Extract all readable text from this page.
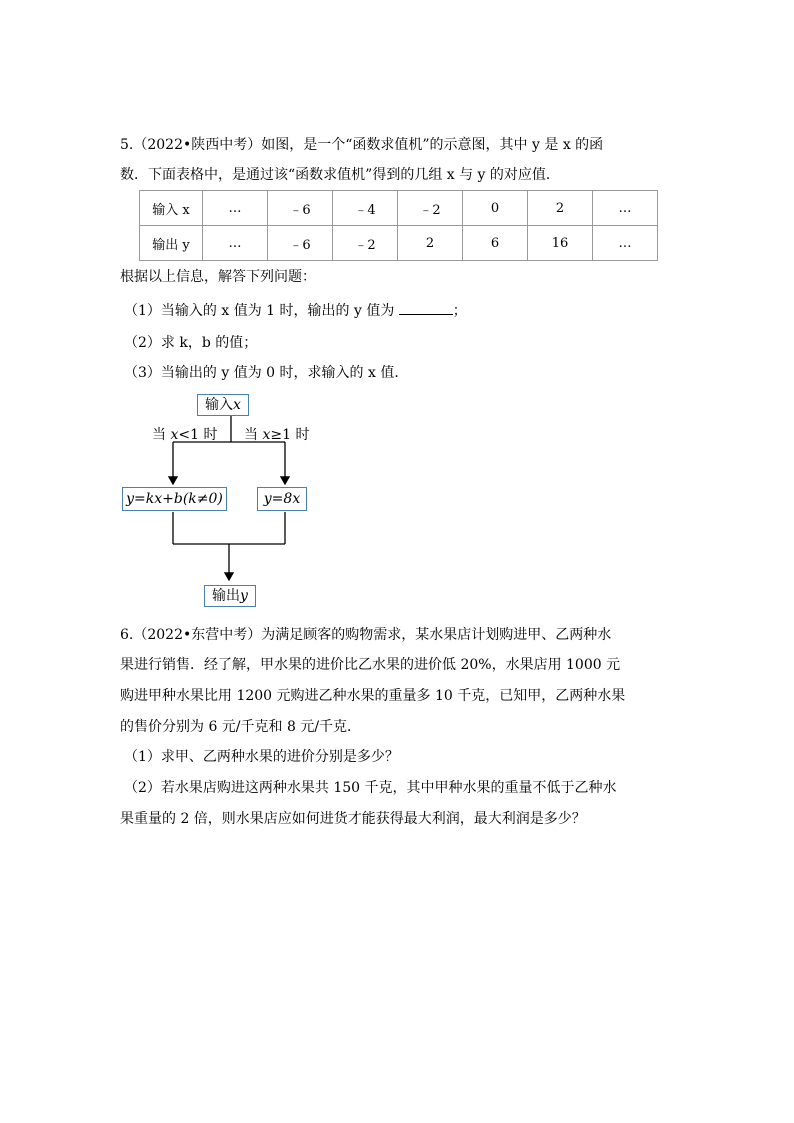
5.（2022•陕西中考）如图，是一个“函数求值机”的示意图，其中 y 是 x 的函
数．下面表格中，是通过该“函数求值机”得到的几组 x 与 y 的对应值．
输入 x	…	﹣6	﹣4	﹣2	0	2	…
输出 y	…	﹣6	﹣2	2	6	16	…
根据以上信息，解答下列问题：
（1）当输入的 x 值为 1 时，输出的 y 值为	；
（2）求 k，b 的值；
（3）当输出的 y 值为 0 时，求输入的 x 值．
输入x
当 x<1 时 当 x≥1 时
y=kx+b(k≠0)	y=8x
输出y
6.（2022•东营中考）为满足顾客的购物需求，某水果店计划购进甲、乙两种水
果进行销售．经了解，甲水果的进价比乙水果的进价低 20%，水果店用 1000 元
购进甲种水果比用 1200 元购进乙种水果的重量多 10 千克，已知甲，乙两种水果
的售价分别为 6 元/千克和 8 元/千克．
（1）求甲、乙两种水果的进价分别是多少？
（2）若水果店购进这两种水果共 150 千克，其中甲种水果的重量不低于乙种水
果重量的 2 倍，则水果店应如何进货才能获得最大利润，最大利润是多少？
